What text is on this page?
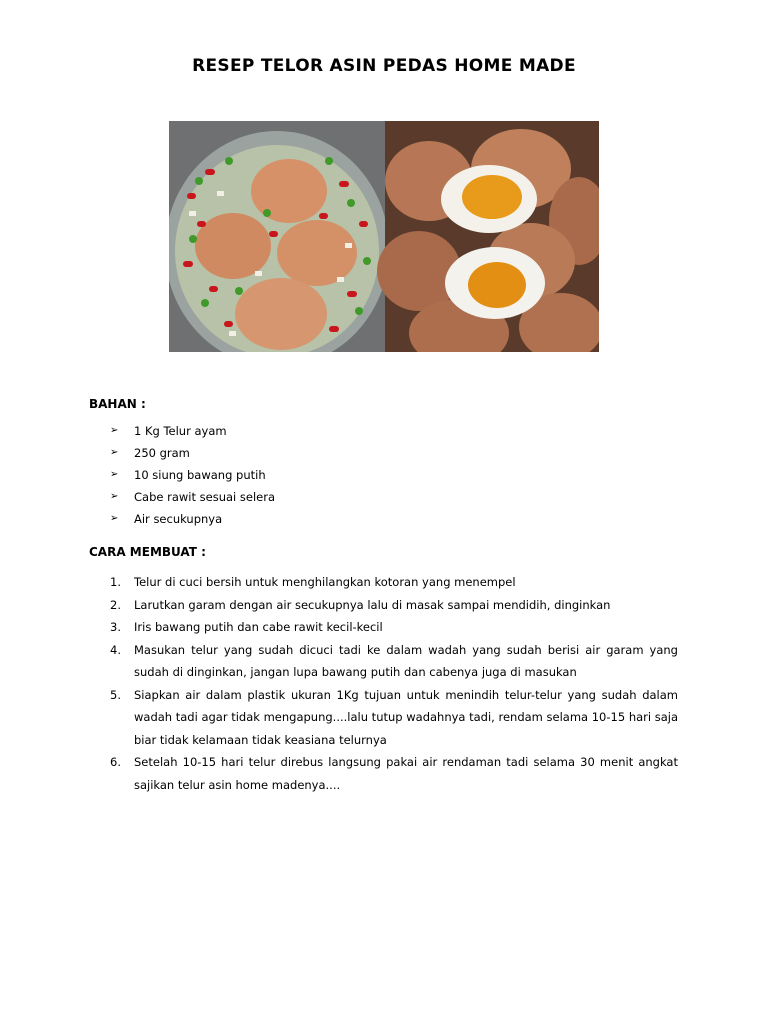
RESEP TELOR ASIN PEDAS HOME MADE

BAHAN :

➢	1 Kg Telur ayam
➢	250 gram
➢	10 siung bawang putih
➢	Cabe rawit sesuai selera
➢	Air secukupnya

CARA MEMBUAT :

1.	Telur di cuci bersih untuk menghilangkan kotoran yang menempel
2.	Larutkan garam dengan air secukupnya lalu di masak sampai mendidih, dinginkan
3.	Iris bawang putih dan cabe rawit kecil-kecil
4.	Masukan telur yang sudah dicuci tadi ke dalam wadah yang sudah berisi air garam yang sudah di dinginkan, jangan lupa bawang putih dan cabenya juga di masukan
5.	Siapkan air dalam plastik ukuran 1Kg tujuan untuk menindih telur-telur yang sudah dalam wadah tadi agar tidak mengapung....lalu tutup wadahnya tadi, rendam selama 10-15 hari saja biar tidak kelamaan tidak keasiana telurnya
6.	Setelah 10-15 hari telur direbus langsung pakai air rendaman tadi selama 30 menit angkat sajikan telur asin home madenya....
